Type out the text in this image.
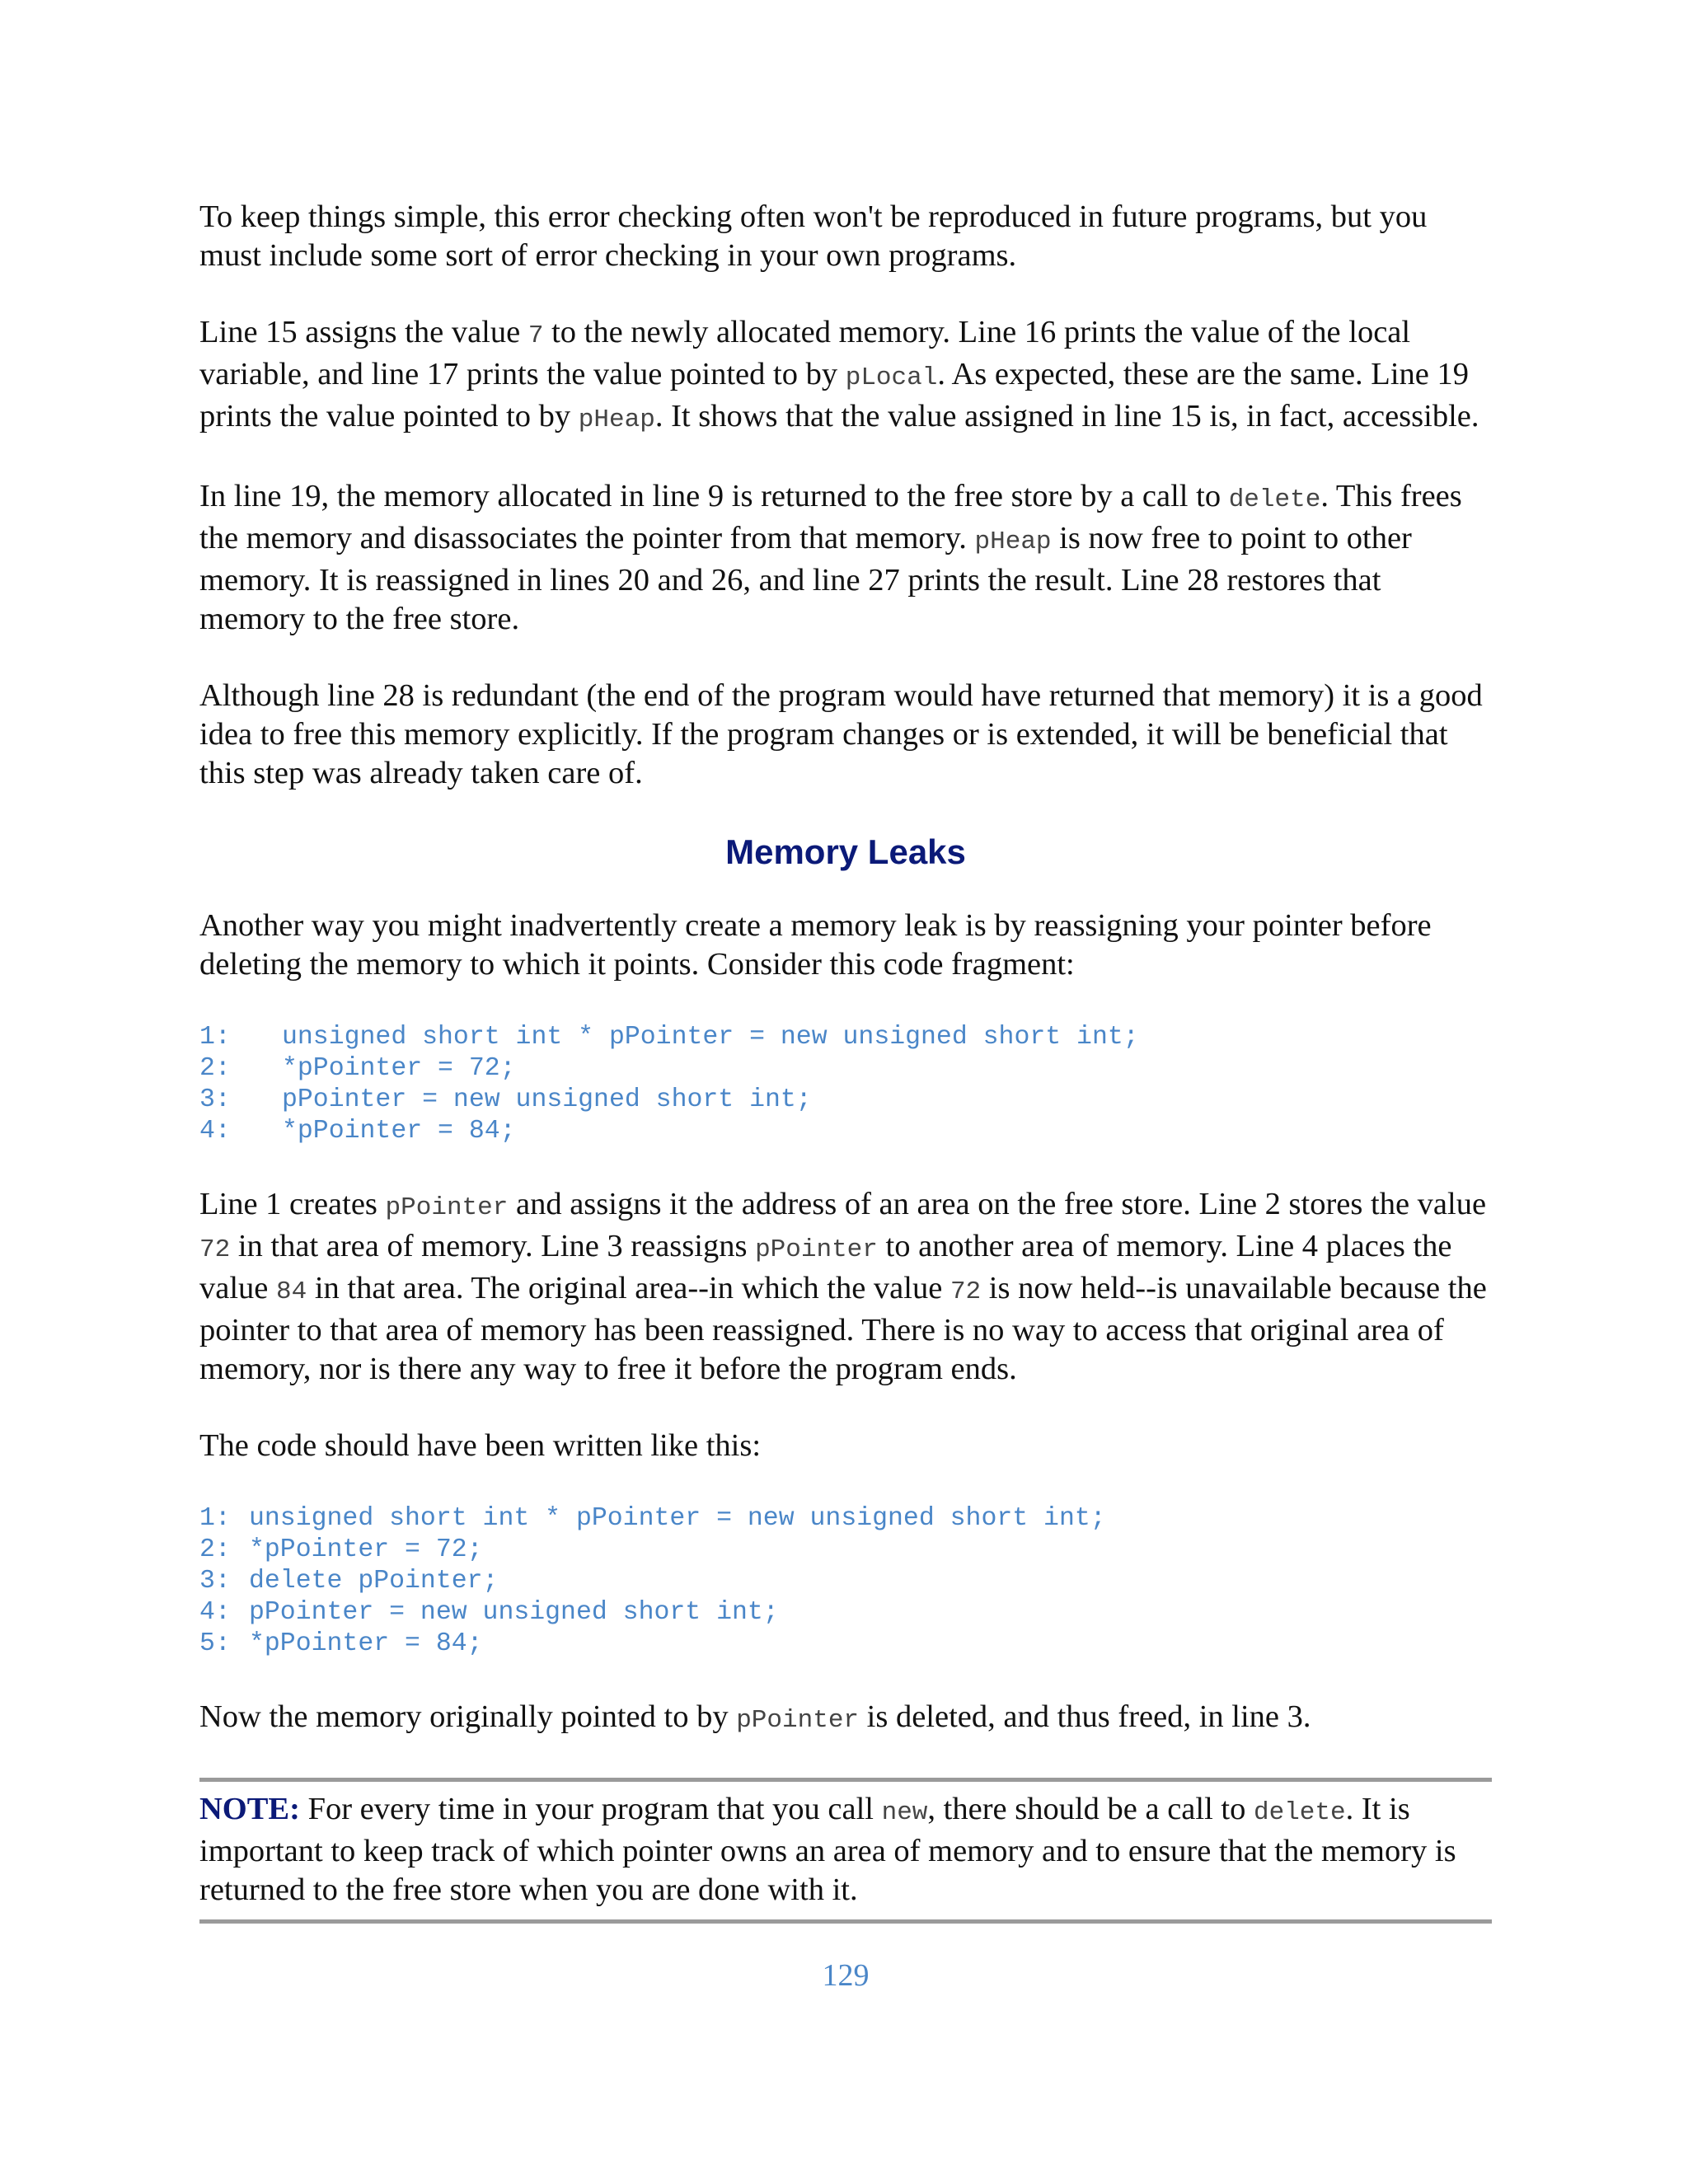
To keep things simple, this error checking often won't be reproduced in future programs, but you must include some sort of error checking in your own programs.

Line 15 assigns the value 7 to the newly allocated memory. Line 16 prints the value of the local variable, and line 17 prints the value pointed to by pLocal. As expected, these are the same. Line 19 prints the value pointed to by pHeap. It shows that the value assigned in line 15 is, in fact, accessible.

In line 19, the memory allocated in line 9 is returned to the free store by a call to delete. This frees the memory and disassociates the pointer from that memory. pHeap is now free to point to other memory. It is reassigned in lines 20 and 26, and line 27 prints the result. Line 28 restores that memory to the free store.

Although line 28 is redundant (the end of the program would have returned that memory) it is a good idea to free this memory explicitly. If the program changes or is extended, it will be beneficial that this step was already taken care of.

Memory Leaks

Another way you might inadvertently create a memory leak is by reassigning your pointer before deleting the memory to which it points. Consider this code fragment:

1: unsigned short int * pPointer = new unsigned short int;
2: *pPointer = 72;
3: pPointer = new unsigned short int;
4: *pPointer = 84;

Line 1 creates pPointer and assigns it the address of an area on the free store. Line 2 stores the value 72 in that area of memory. Line 3 reassigns pPointer to another area of memory. Line 4 places the value 84 in that area. The original area--in which the value 72 is now held--is unavailable because the pointer to that area of memory has been reassigned. There is no way to access that original area of memory, nor is there any way to free it before the program ends.

The code should have been written like this:

1: unsigned short int * pPointer = new unsigned short int;
2: *pPointer = 72;
3: delete pPointer;
4: pPointer = new unsigned short int;
5: *pPointer = 84;

Now the memory originally pointed to by pPointer is deleted, and thus freed, in line 3.

NOTE: For every time in your program that you call new, there should be a call to delete. It is important to keep track of which pointer owns an area of memory and to ensure that the memory is returned to the free store when you are done with it.

129
